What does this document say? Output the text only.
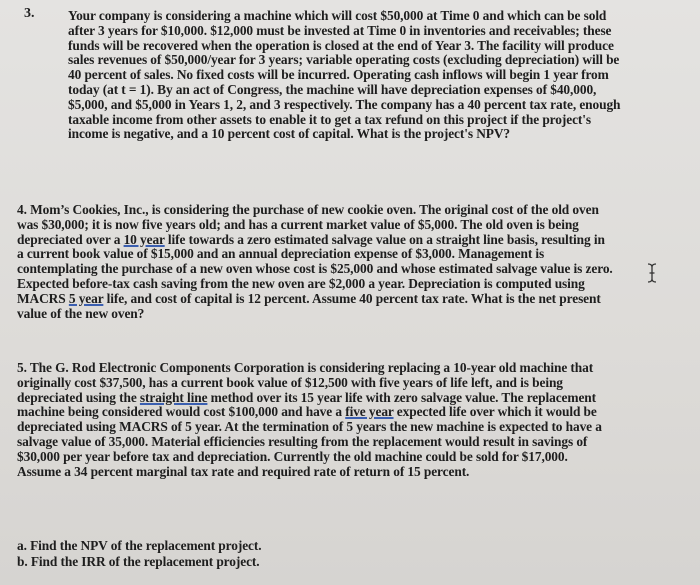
3.	Your company is considering a machine which will cost $50,000 at Time 0 and which can be sold after 3 years for $10,000. $12,000 must be invested at Time 0 in inventories and receivables; these funds will be recovered when the operation is closed at the end of Year 3. The facility will produce sales revenues of $50,000/year for 3 years; variable operating costs (excluding depreciation) will be 40 percent of sales. No fixed costs will be incurred. Operating cash inflows will begin 1 year from today (at t = 1). By an act of Congress, the machine will have depreciation expenses of $40,000, $5,000, and $5,000 in Years 1, 2, and 3 respectively. The company has a 40 percent tax rate, enough taxable income from other assets to enable it to get a tax refund on this project if the project's income is negative, and a 10 percent cost of capital. What is the project's NPV?
4. Mom’s Cookies, Inc., is considering the purchase of new cookie oven. The original cost of the old oven was $30,000; it is now five years old; and has a current market value of $5,000. The old oven is being depreciated over a 10 year life towards a zero estimated salvage value on a straight line basis, resulting in a current book value of $15,000 and an annual depreciation expense of $3,000. Management is contemplating the purchase of a new oven whose cost is $25,000 and whose estimated salvage value is zero. Expected before-tax cash saving from the new oven are $2,000 a year. Depreciation is computed using MACRS 5 year life, and cost of capital is 12 percent. Assume 40 percent tax rate. What is the net present value of the new oven?
5. The G. Rod Electronic Components Corporation is considering replacing a 10-year old machine that originally cost $37,500, has a current book value of $12,500 with five years of life left, and is being depreciated using the straight line method over its 15 year life with zero salvage value. The replacement machine being considered would cost $100,000 and have a five year expected life over which it would be depreciated using MACRS of 5 year. At the termination of 5 years the new machine is expected to have a salvage value of 35,000. Material efficiencies resulting from the replacement would result in savings of $30,000 per year before tax and depreciation. Currently the old machine could be sold for $17,000. Assume a 34 percent marginal tax rate and required rate of return of 15 percent.
a. Find the NPV of the replacement project.
b. Find the IRR of the replacement project.
